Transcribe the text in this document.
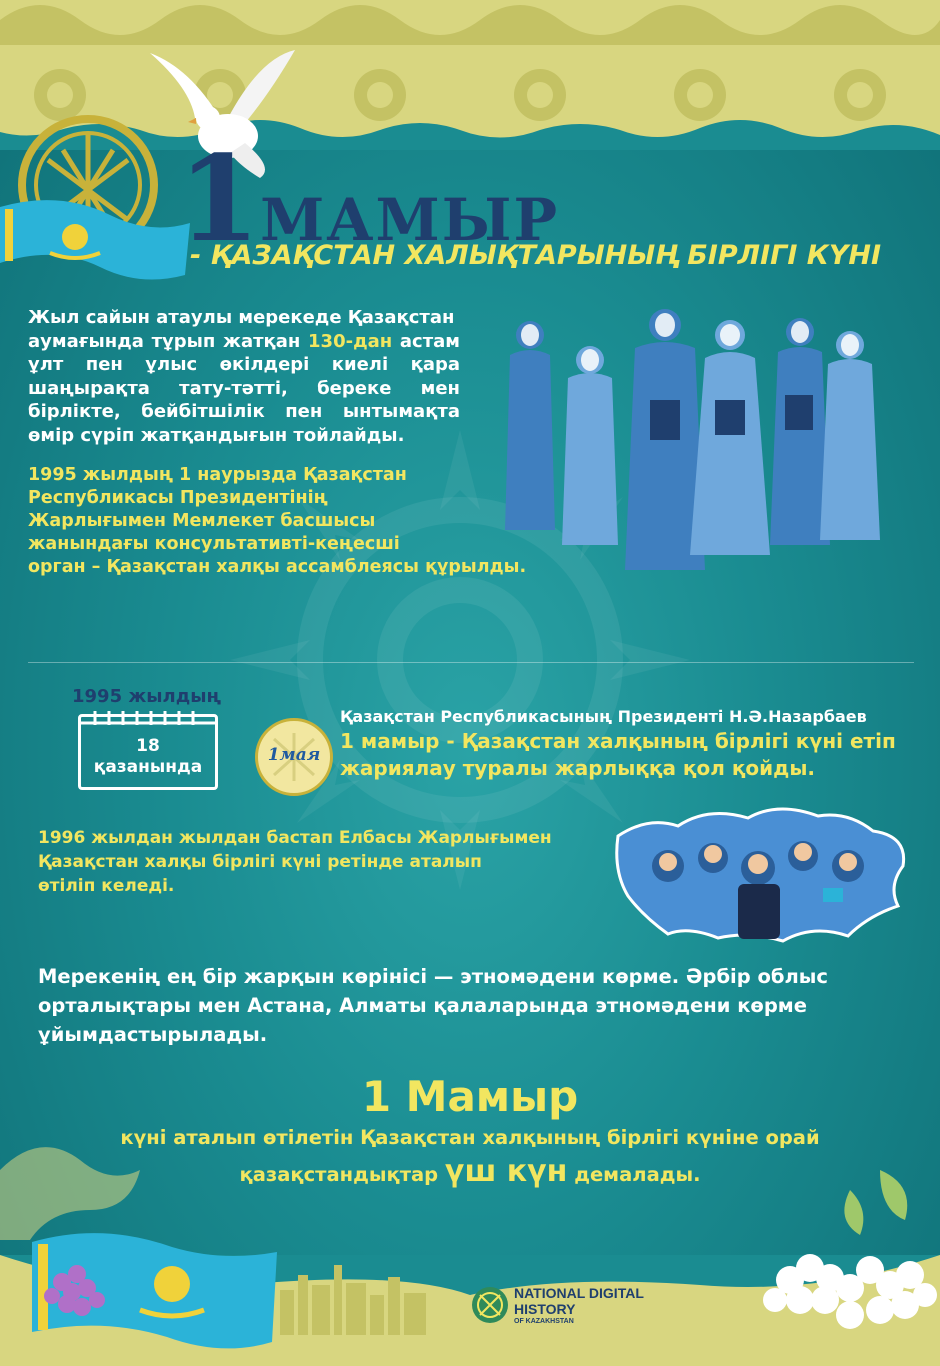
1МАМЫР
- ҚАЗАҚСТАН ХАЛЫҚТАРЫНЫҢ БІРЛІГІ КҮНІ
Жыл сайын атаулы мерекеде Қазақстан
аумағында тұрып жатқан 130-дан астам
ұлт пен ұлыс өкілдері киелі қара
шаңырақта тату-тәтті, береке мен
бірлікте, бейбітшілік пен ынтымақта
өмір сүріп жатқандығын тойлайды.
1995 жылдың 1 наурызда Қазақстан
Республикасы Президентінің
Жарлығымен Мемлекет басшысы
жанындағы консультативті-кеңесші
орган – Қазақстан халқы ассамблеясы құрылды.
1995 жылдың
18
қазанында
1мая
Қазақстан Республикасының Президенті Н.Ә.Назарбаев
1 мамыр - Қазақстан халқының бірлігі күні етіп
жариялау туралы жарлыққа қол қойды.
1996 жылдан жылдан бастап Елбасы Жарлығымен
Қазақстан халқы бірлігі күні ретінде аталып
өтіліп келеді.
Мерекенің ең бір жарқын көрінісі — этномәдени көрме. Әрбір облыс
орталықтары мен Астана, Алматы қалаларында этномәдени көрме
ұйымдастырылады.
1 Мамыр
күні аталып өтілетін Қазақстан халқының бірлігі күніне орай
қазақстандықтар үш күн демалады.
NATIONAL DIGITAL
HISTORY
OF KAZAKHSTAN
